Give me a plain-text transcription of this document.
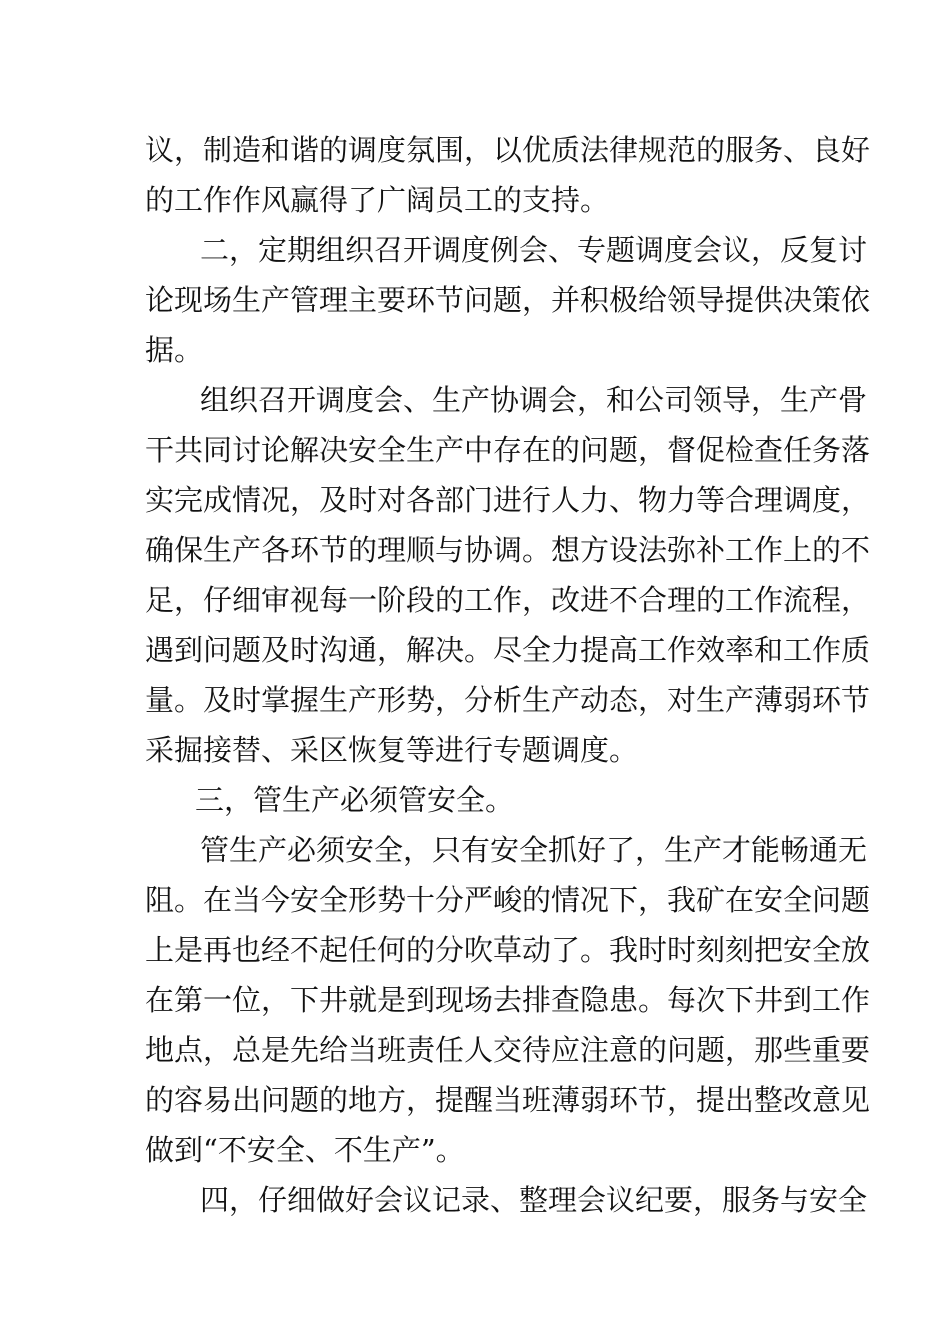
议，制造和谐的调度氛围，以优质法律规范的服务、良好
的工作作风赢得了广阔员工的支持。
二，定期组织召开调度例会、专题调度会议，反复讨
论现场生产管理主要环节问题，并积极给领导提供决策依
据。
组织召开调度会、生产协调会，和公司领导，生产骨
干共同讨论解决安全生产中存在的问题，督促检查任务落
实完成情况，及时对各部门进行人力、物力等合理调度，
确保生产各环节的理顺与协调。想方设法弥补工作上的不
足，仔细审视每一阶段的工作，改进不合理的工作流程，
遇到问题及时沟通，解决。尽全力提高工作效率和工作质
量。及时掌握生产形势，分析生产动态，对生产薄弱环节
采掘接替、采区恢复等进行专题调度。
三，管生产必须管安全。
管生产必须安全，只有安全抓好了，生产才能畅通无
阻。在当今安全形势十分严峻的情况下，我矿在安全问题
上是再也经不起任何的分吹草动了。我时时刻刻把安全放
在第一位，下井就是到现场去排查隐患。每次下井到工作
地点，总是先给当班责任人交待应注意的问题，那些重要
的容易出问题的地方，提醒当班薄弱环节，提出整改意见
做到“不安全、不生产”。
四，仔细做好会议记录、整理会议纪要，服务与安全
